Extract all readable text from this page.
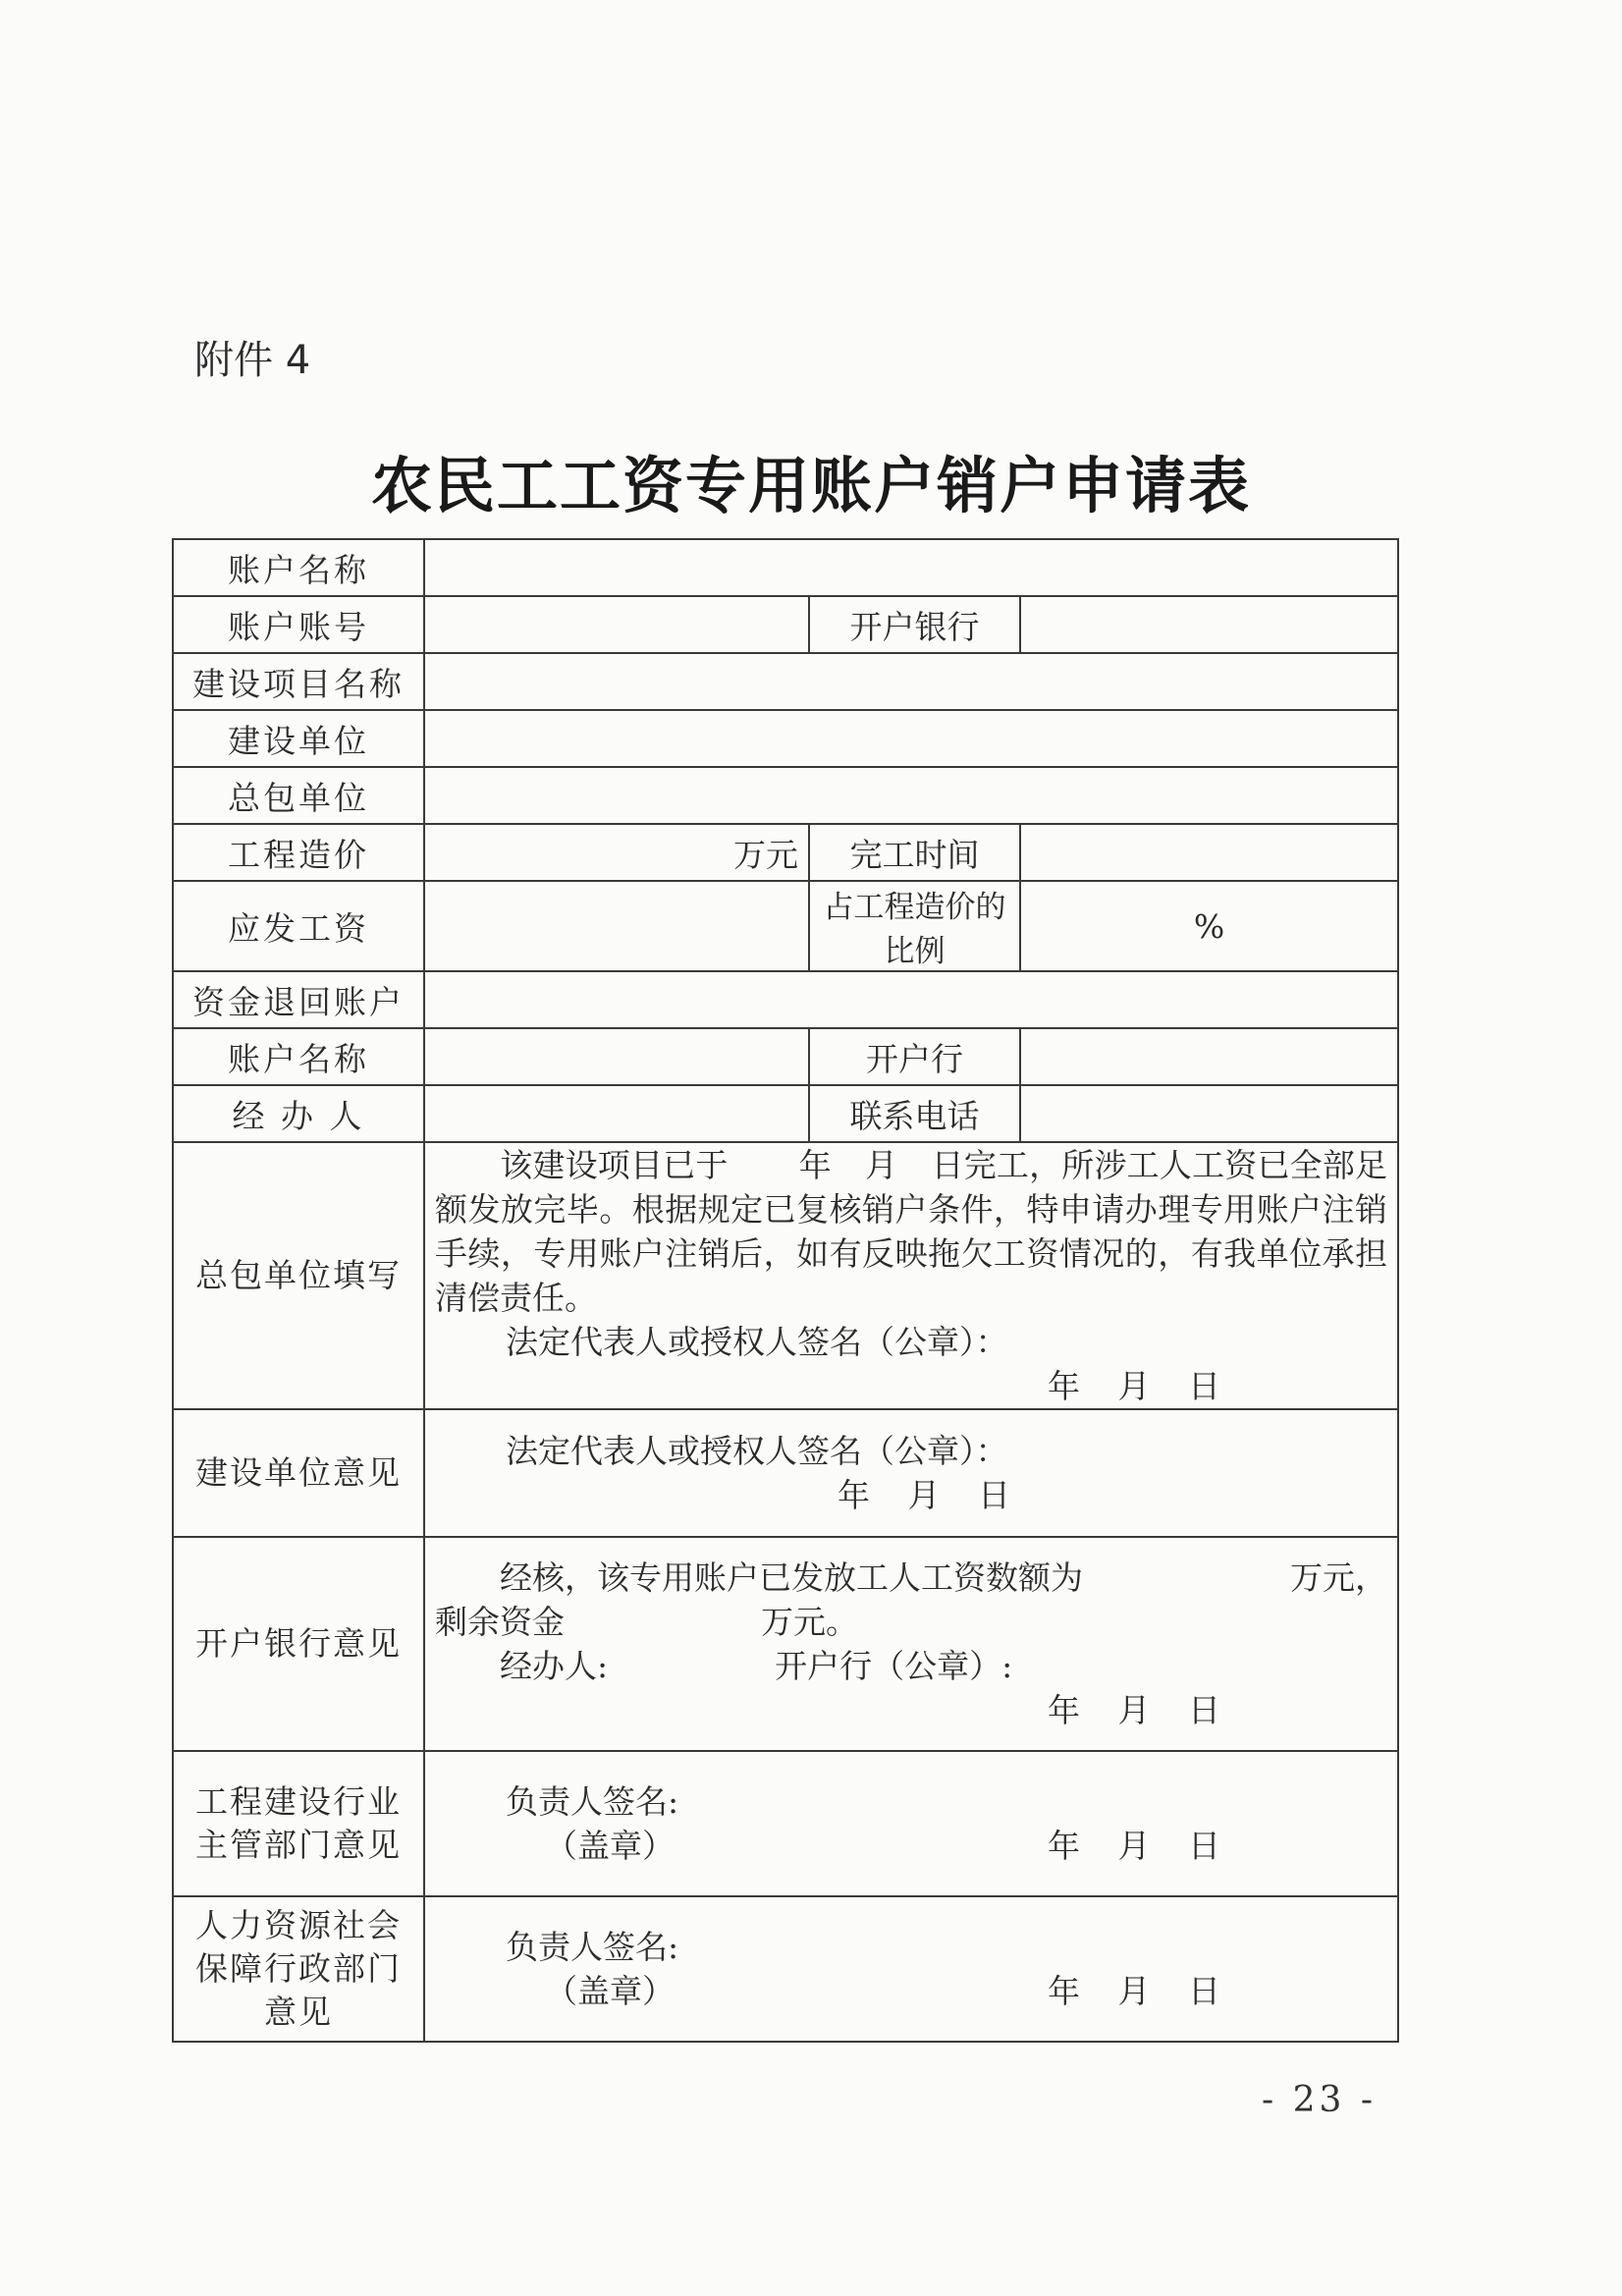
附件 4
农民工工资专用账户销户申请表
账户名称			
账户账号		开户银行	
建设项目名称			
建设单位			
总包单位			
工程造价	万元	完工时间	
应发工资		占工程造价的比例	%
资金退回账户			
账户名称		开户行	
经 办 人		联系电话	
总包单位填写	该建设项目已于 年 月 日完工，所涉工人工资已全部足额发放完毕。根据规定已复核销户条件，特申请办理专用账户注销手续，专用账户注销后，如有反映拖欠工资情况的，有我单位承担清偿责任。
法定代表人或授权人签名（公章）：
年 月 日		

建设单位意见	法定代表人或授权人签名（公章）：
年 月 日		

开户银行意见	经核，该专用账户已发放工人工资数额为 万元，
剩余资金 万元。
经办人: 开户行（公章）:
年 月 日		

工程建设行业
主管部门意见	负责人签名:
（盖章） 年 月 日		

人力资源社会
保障行政部门
意见	负责人签名:
（盖章） 年 月 日		
- 23 -
